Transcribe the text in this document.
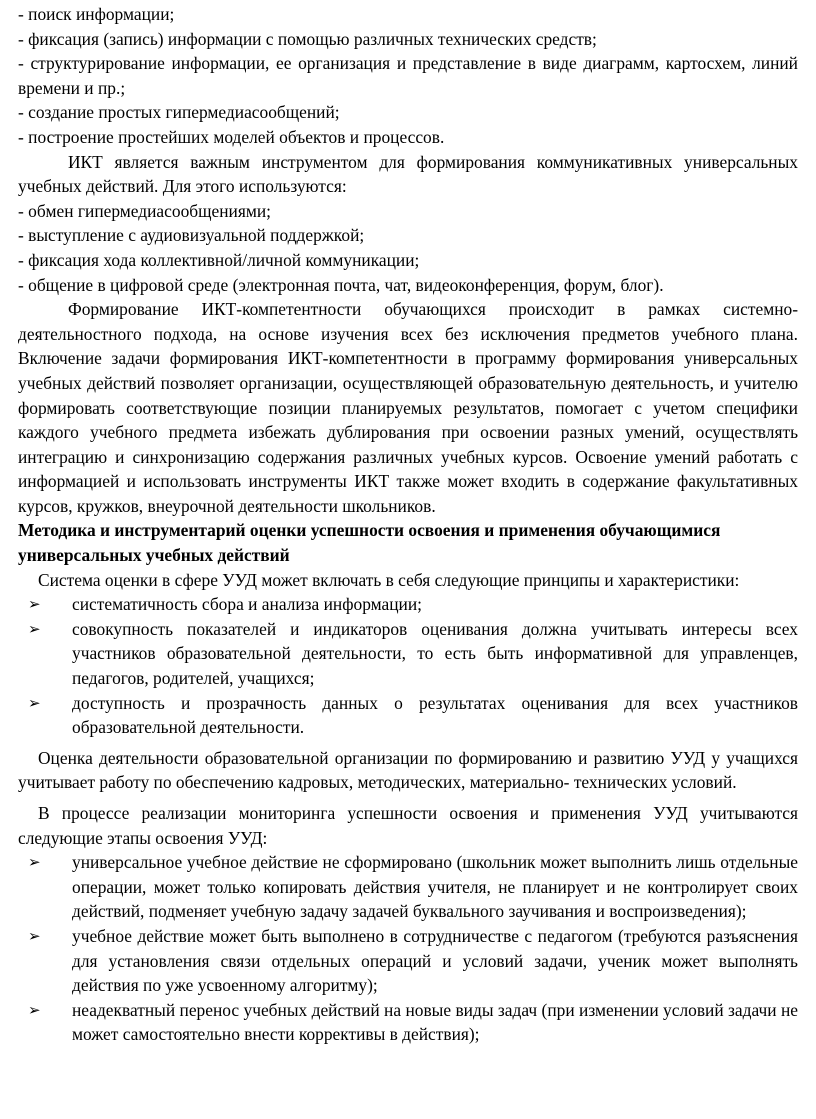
- поиск информации;

- фиксация (запись) информации с помощью различных технических средств;

- структурирование информации, ее организация и представление в виде диаграмм, картосхем, линий времени и пр.;

- создание простых гипермедиасообщений;

- построение простейших моделей объектов и процессов.

ИКТ является важным инструментом для формирования коммуникативных универсальных учебных действий. Для этого используются:

- обмен гипермедиасообщениями;

- выступление с аудиовизуальной поддержкой;

- фиксация хода коллективной/личной коммуникации;

- общение в цифровой среде (электронная почта, чат, видеоконференция, форум, блог).

Формирование ИКТ-компетентности обучающихся происходит в рамках системно-деятельностного подхода, на основе изучения всех без исключения предметов учебного плана. Включение задачи формирования ИКТ-компетентности в программу формирования универсальных учебных действий позволяет организации, осуществляющей образовательную деятельность, и учителю формировать соответствующие позиции планируемых результатов, помогает с учетом специфики каждого учебного предмета избежать дублирования при освоении разных умений, осуществлять интеграцию и синхронизацию содержания различных учебных курсов. Освоение умений работать с информацией и использовать инструменты ИКТ также может входить в содержание факультативных курсов, кружков, внеурочной деятельности школьников.

Методика и инструментарий оценки успешности освоения и применения обучающимися универсальных учебных действий

Система оценки в сфере УУД может включать в себя следующие принципы и характеристики:

➢ систематичность сбора и анализа информации;
➢ совокупность показателей и индикаторов оценивания должна учитывать интересы всех участников образовательной деятельности, то есть быть информативной для управленцев, педагогов, родителей, учащихся;
➢ доступность и прозрачность данных о результатах оценивания для всех участников образовательной деятельности.

Оценка деятельности образовательной организации по формированию и развитию УУД у учащихся учитывает работу по обеспечению кадровых, методических, материально- технических условий.

В процессе реализации мониторинга успешности освоения и применения УУД учитываются следующие этапы освоения УУД:

➢ универсальное учебное действие не сформировано (школьник может выполнить лишь отдельные операции, может только копировать действия учителя, не планирует и не контролирует своих действий, подменяет учебную задачу задачей буквального заучивания и воспроизведения);
➢ учебное действие может быть выполнено в сотрудничестве с педагогом (требуются разъяснения для установления связи отдельных операций и условий задачи, ученик может выполнять действия по уже усвоенному алгоритму);
➢ неадекватный перенос учебных действий на новые виды задач (при изменении условий задачи не может самостоятельно внести коррективы в действия);
